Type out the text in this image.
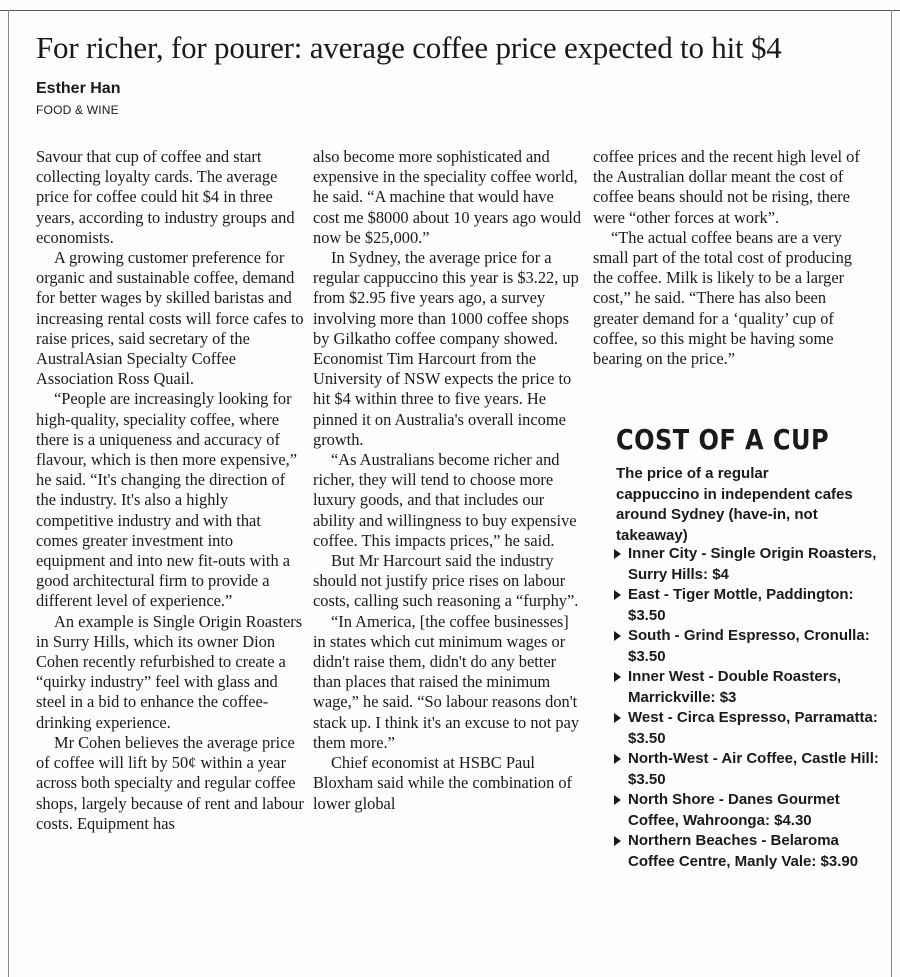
For richer, for pourer: average coffee price expected to hit $4
Esther Han
FOOD & WINE

Savour that cup of coffee and start collecting loyalty cards. The average price for coffee could hit $4 in three years, according to industry groups and economists.

A growing customer preference for organic and sustainable coffee, demand for better wages by skilled baristas and increasing rental costs will force cafes to raise prices, said secretary of the AustralAsian Specialty Coffee Association Ross Quail.

“People are increasingly looking for high-quality, speciality coffee, where there is a uniqueness and accuracy of flavour, which is then more expensive,” he said. “It's changing the direction of the industry. It's also a highly competitive industry and with that comes greater investment into equipment and into new fit-outs with a good architectural firm to provide a different level of experience.”

An example is Single Origin Roasters in Surry Hills, which its owner Dion Cohen recently refurbished to create a “quirky industry” feel with glass and steel in a bid to enhance the coffee-drinking experience.

Mr Cohen believes the average price of coffee will lift by 50¢ within a year across both specialty and regular coffee shops, largely because of rent and labour costs. Equipment has

also become more sophisticated and expensive in the speciality coffee world, he said. “A machine that would have cost me $8000 about 10 years ago would now be $25,000.”

In Sydney, the average price for a regular cappuccino this year is $3.22, up from $2.95 five years ago, a survey involving more than 1000 coffee shops by Gilkatho coffee company showed. Economist Tim Harcourt from the University of NSW expects the price to hit $4 within three to five years. He pinned it on Australia's overall income growth.

“As Australians become richer and richer, they will tend to choose more luxury goods, and that includes our ability and willingness to buy expensive coffee. This impacts prices,” he said.

But Mr Harcourt said the industry should not justify price rises on labour costs, calling such reasoning a “furphy”.

“In America, [the coffee businesses] in states which cut minimum wages or didn't raise them, didn't do any better than places that raised the minimum wage,” he said. “So labour reasons don't stack up. I think it's an excuse to not pay them more.”

Chief economist at HSBC Paul Bloxham said while the combination of lower global

coffee prices and the recent high level of the Australian dollar meant the cost of coffee beans should not be rising, there were “other forces at work”.

“The actual coffee beans are a very small part of the total cost of producing the coffee. Milk is likely to be a larger cost,” he said. “There has also been greater demand for a ‘quality’ cup of coffee, so this might be having some bearing on the price.”

COST OF A CUP
The price of a regular cappuccino in independent cafes around Sydney (have-in, not takeaway)
Inner City - Single Origin Roasters, Surry Hills: $4
East - Tiger Mottle, Paddington: $3.50
South - Grind Espresso, Cronulla: $3.50
Inner West - Double Roasters, Marrickville: $3
West - Circa Espresso, Parramatta: $3.50
North-West - Air Coffee, Castle Hill: $3.50
North Shore - Danes Gourmet Coffee, Wahroonga: $4.30
Northern Beaches - Belaroma Coffee Centre, Manly Vale: $3.90
